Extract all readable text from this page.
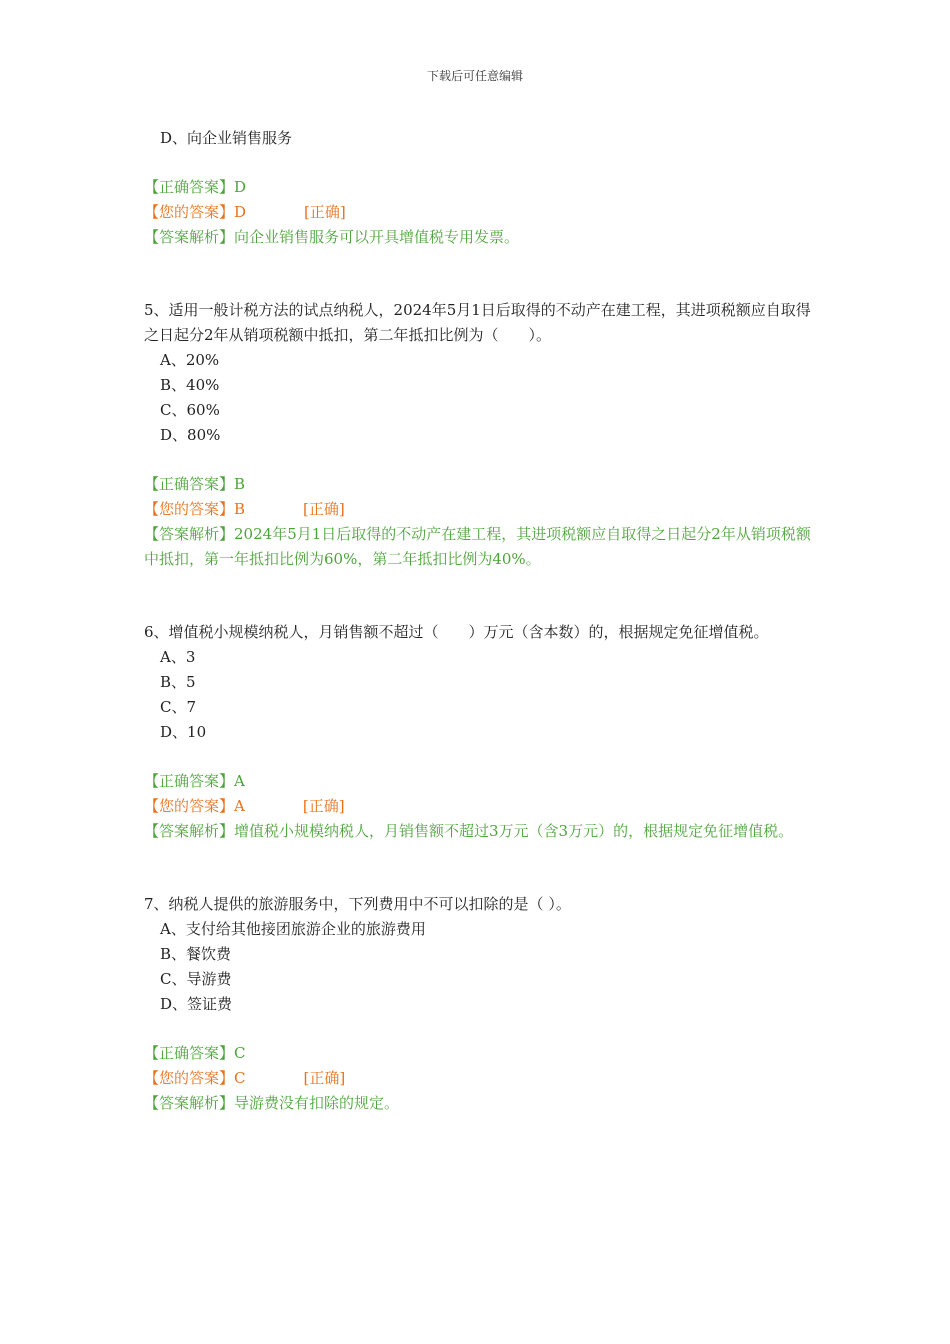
下载后可任意编辑
D、向企业销售服务
【正确答案】D
【您的答案】D	[正确]
【答案解析】向企业销售服务可以开具增值税专用发票。
5、适用一般计税方法的试点纳税人，2024年5月1日后取得的不动产在建工程，其进项税额应自取得之日起分2年从销项税额中抵扣，第二年抵扣比例为（　　）。
A、20%
B、40%
C、60%
D、80%
【正确答案】B
【您的答案】B	[正确]
【答案解析】2024年5月1日后取得的不动产在建工程，其进项税额应自取得之日起分2年从销项税额中抵扣，第一年抵扣比例为60%，第二年抵扣比例为40%。
6、增值税小规模纳税人，月销售额不超过（　　）万元（含本数）的，根据规定免征增值税。
A、3
B、5
C、7
D、10
【正确答案】A
【您的答案】A	[正确]
【答案解析】增值税小规模纳税人，月销售额不超过3万元（含3万元）的，根据规定免征增值税。
7、纳税人提供的旅游服务中，下列费用中不可以扣除的是（ ）。
A、支付给其他接团旅游企业的旅游费用
B、餐饮费
C、导游费
D、签证费
【正确答案】C
【您的答案】C	[正确]
【答案解析】导游费没有扣除的规定。
